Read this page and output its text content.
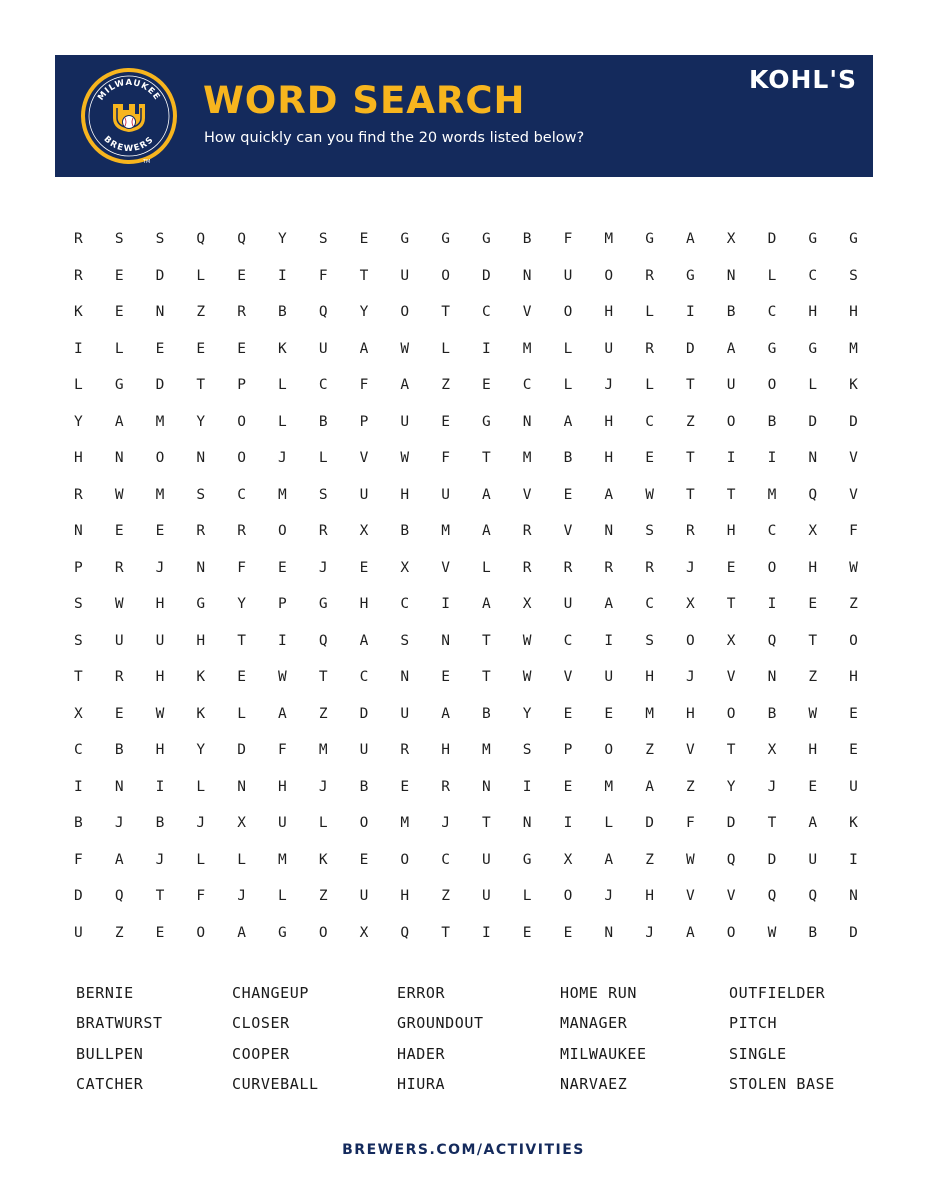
MILWAUKEE
BREWERS
TM
WORD SEARCH
How quickly can you find the 20 words listed below?
KOHL'S
R	S	S	Q	Q	Y	S	E	G	G	G	B	F	M	G	A	X	D	G	G
R	E	D	L	E	I	F	T	U	O	D	N	U	O	R	G	N	L	C	S
K	E	N	Z	R	B	Q	Y	O	T	C	V	O	H	L	I	B	C	H	H
I	L	E	E	E	K	U	A	W	L	I	M	L	U	R	D	A	G	G	M
L	G	D	T	P	L	C	F	A	Z	E	C	L	J	L	T	U	O	L	K
Y	A	M	Y	O	L	B	P	U	E	G	N	A	H	C	Z	O	B	D	D
H	N	O	N	O	J	L	V	W	F	T	M	B	H	E	T	I	I	N	V
R	W	M	S	C	M	S	U	H	U	A	V	E	A	W	T	T	M	Q	V
N	E	E	R	R	O	R	X	B	M	A	R	V	N	S	R	H	C	X	F
P	R	J	N	F	E	J	E	X	V	L	R	R	R	R	J	E	O	H	W
S	W	H	G	Y	P	G	H	C	I	A	X	U	A	C	X	T	I	E	Z
S	U	U	H	T	I	Q	A	S	N	T	W	C	I	S	O	X	Q	T	O
T	R	H	K	E	W	T	C	N	E	T	W	V	U	H	J	V	N	Z	H
X	E	W	K	L	A	Z	D	U	A	B	Y	E	E	M	H	O	B	W	E
C	B	H	Y	D	F	M	U	R	H	M	S	P	O	Z	V	T	X	H	E
I	N	I	L	N	H	J	B	E	R	N	I	E	M	A	Z	Y	J	E	U
B	J	B	J	X	U	L	O	M	J	T	N	I	L	D	F	D	T	A	K
F	A	J	L	L	M	K	E	O	C	U	G	X	A	Z	W	Q	D	U	I
D	Q	T	F	J	L	Z	U	H	Z	U	L	O	J	H	V	V	Q	Q	N
U	Z	E	O	A	G	O	X	Q	T	I	E	E	N	J	A	O	W	B	D
BERNIE	CHANGEUP	ERROR	HOME RUN	OUTFIELDER
BRATWURST	CLOSER	GROUNDOUT	MANAGER	PITCH
BULLPEN	COOPER	HADER	MILWAUKEE	SINGLE
CATCHER	CURVEBALL	HIURA	NARVAEZ	STOLEN BASE
BREWERS.COM/ACTIVITIES
